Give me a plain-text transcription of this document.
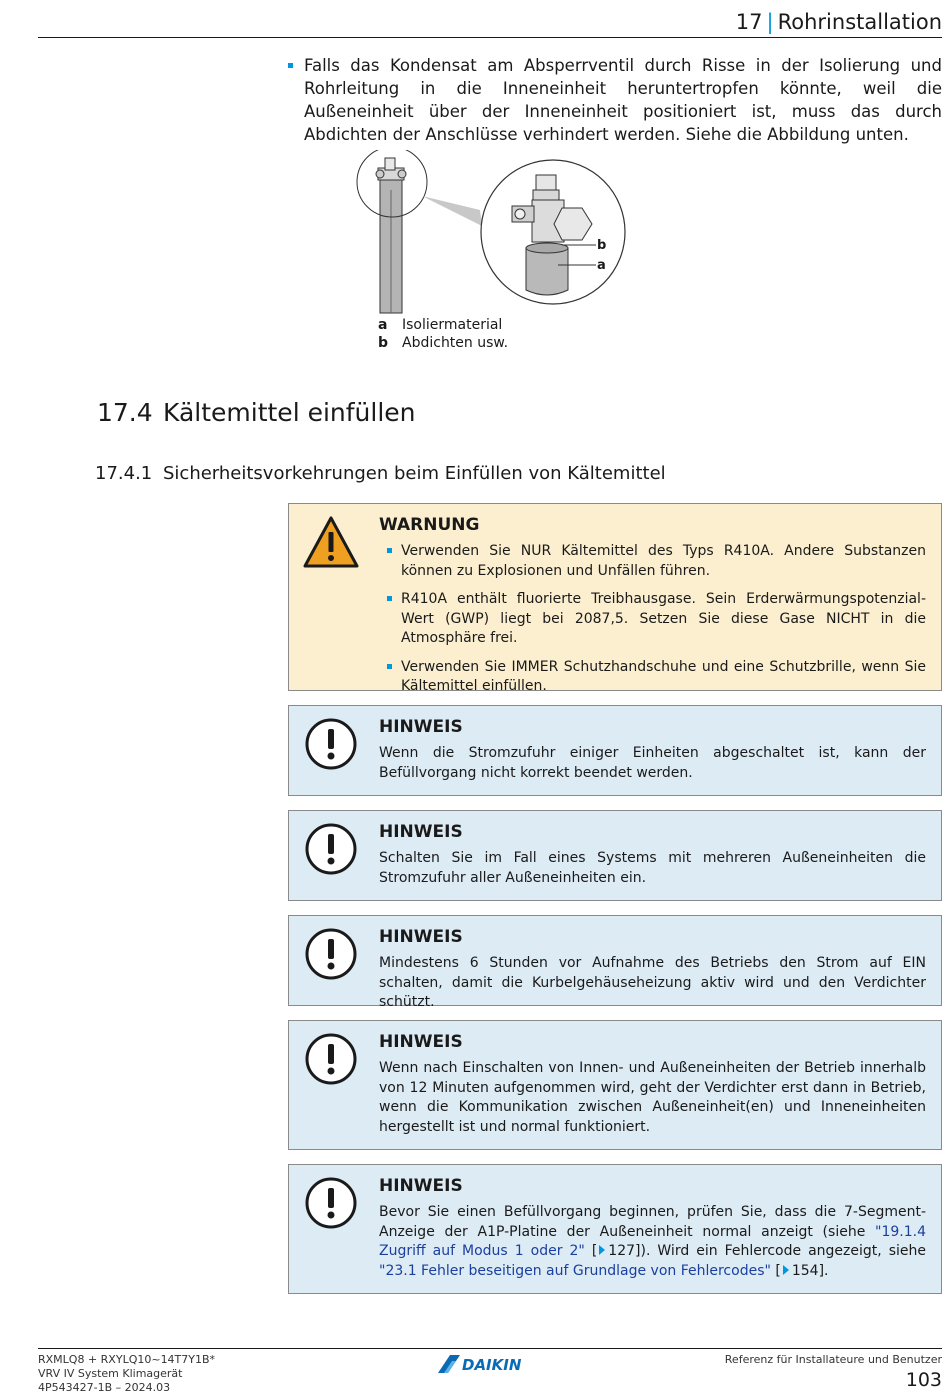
17 | Rohrinstallation
Falls das Kondensat am Absperrventil durch Risse in der Isolierung und Rohrleitung in die Inneneinheit heruntertropfen könnte, weil die Außeneinheit über der Inneneinheit positioniert ist, muss das durch Abdichten der Anschlüsse verhindert werden. Siehe die Abbildung unten.
b
a
a	Isoliermaterial
b Abdichten usw.
17.4 Kältemittel einfüllen
17.4.1 Sicherheitsvorkehrungen beim Einfüllen von Kältemittel
WARNUNG
Verwenden Sie NUR Kältemittel des Typs R410A. Andere Substanzen können zu Explosionen und Unfällen führen.
R410A enthält fluorierte Treibhausgase. Sein Erderwärmungspotenzial-Wert (GWP) liegt bei 2087,5. Setzen Sie diese Gase NICHT in die Atmosphäre frei.
Verwenden Sie IMMER Schutzhandschuhe und eine Schutzbrille, wenn Sie Kältemittel einfüllen.
HINWEIS
Wenn die Stromzufuhr einiger Einheiten abgeschaltet ist, kann der Befüllvorgang nicht korrekt beendet werden.
HINWEIS
Schalten Sie im Fall eines Systems mit mehreren Außeneinheiten die Stromzufuhr aller Außeneinheiten ein.
HINWEIS
Mindestens 6 Stunden vor Aufnahme des Betriebs den Strom auf EIN schalten, damit die Kurbelgehäuseheizung aktiv wird und den Verdichter schützt.
HINWEIS
Wenn nach Einschalten von Innen- und Außeneinheiten der Betrieb innerhalb von 12 Minuten aufgenommen wird, geht der Verdichter erst dann in Betrieb, wenn die Kommunikation zwischen Außeneinheit(en) und Inneneinheiten hergestellt ist und normal funktioniert.
HINWEIS
Bevor Sie einen Befüllvorgang beginnen, prüfen Sie, dass die 7-Segment-Anzeige der A1P-Platine der Außeneinheit normal anzeigt (siehe "19.1.4 Zugriff auf Modus 1 oder 2" [ 127]). Wird ein Fehlercode angezeigt, siehe "23.1 Fehler beseitigen auf Grundlage von Fehlercodes" [ 154].
RXMLQ8 + RXYLQ10~14T7Y1B*
VRV IV System Klimagerät
4P543427-1B – 2024.03
DAIKIN	Referenz für Installateure und Benutzer
103
